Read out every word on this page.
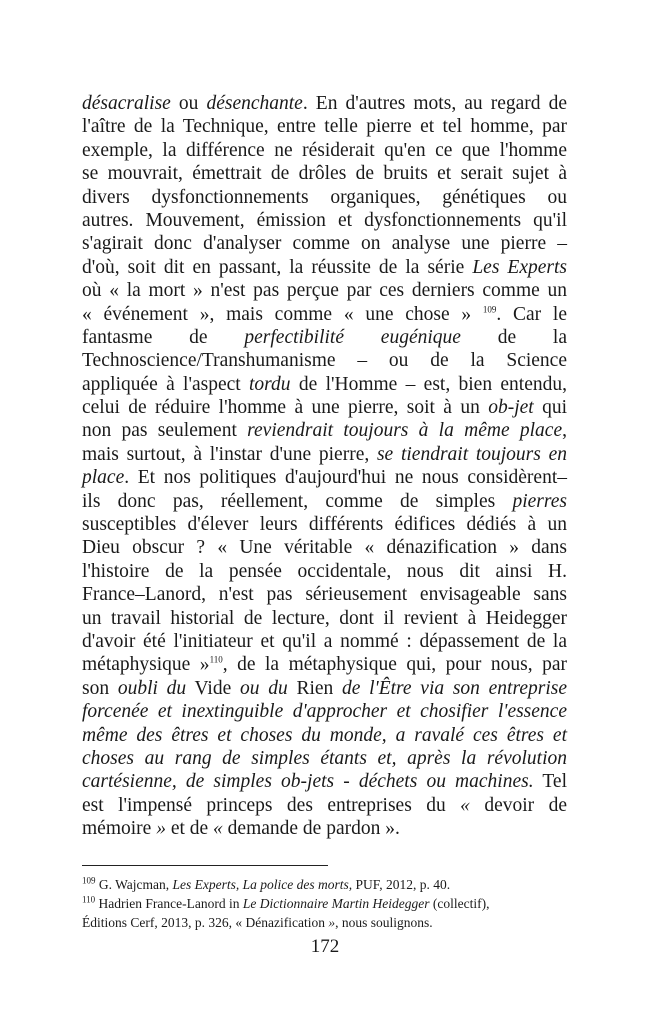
désacralise ou désenchante. En d'autres mots, au regard de
l'aître de la Technique, entre telle pierre et tel homme, par
exemple, la différence ne résiderait qu'en ce que l'homme
se mouvrait, émettrait de drôles de bruits et serait sujet à
divers dysfonctionnements organiques, génétiques ou
autres. Mouvement, émission et dysfonctionnements qu'il
s'agirait donc d'analyser comme on analyse une pierre –
d'où, soit dit en passant, la réussite de la série Les Experts
où « la mort » n'est pas perçue par ces derniers comme un
« événement », mais comme « une chose » $^{109}$. Car le
fantasme de perfectibilité eugénique de la
Technoscience/Transhumanisme – ou de la Science
appliquée à l'aspect tordu de l'Homme – est, bien entendu,
celui de réduire l'homme à une pierre, soit à un ob-jet qui
non pas seulement reviendrait toujours à la même place,
mais surtout, à l'instar d'une pierre, se tiendrait toujours en
place. Et nos politiques d'aujourd'hui ne nous considèrent–
ils donc pas, réellement, comme de simples pierres
susceptibles d'élever leurs différents édifices dédiés à un
Dieu obscur ? « Une véritable « dénazification » dans
l'histoire de la pensée occidentale, nous dit ainsi H.
France–Lanord, n'est pas sérieusement envisageable sans
un travail historial de lecture, dont il revient à Heidegger
d'avoir été l'initiateur et qu'il a nommé : dépassement de la
métaphysique »$^{110}$, de la métaphysique qui, pour nous, par
son oubli du Vide ou du Rien de l'Être via son entreprise
forcenée et inextinguible d'approcher et chosifier l'essence
même des êtres et choses du monde, a ravalé ces êtres et
choses au rang de simples étants et, après la révolution
cartésienne, de simples ob-jets - déchets ou machines. Tel
est l'impensé princeps des entreprises du « devoir de
mémoire » et de « demande de pardon ».
$^{109}$ G. Wajcman, Les Experts, La police des morts, PUF, 2012, p. 40.
$^{110}$ Hadrien France-Lanord in Le Dictionnaire Martin Heidegger (collectif),
Éditions Cerf, 2013, p. 326, « Dénazification », nous soulignons.
172
